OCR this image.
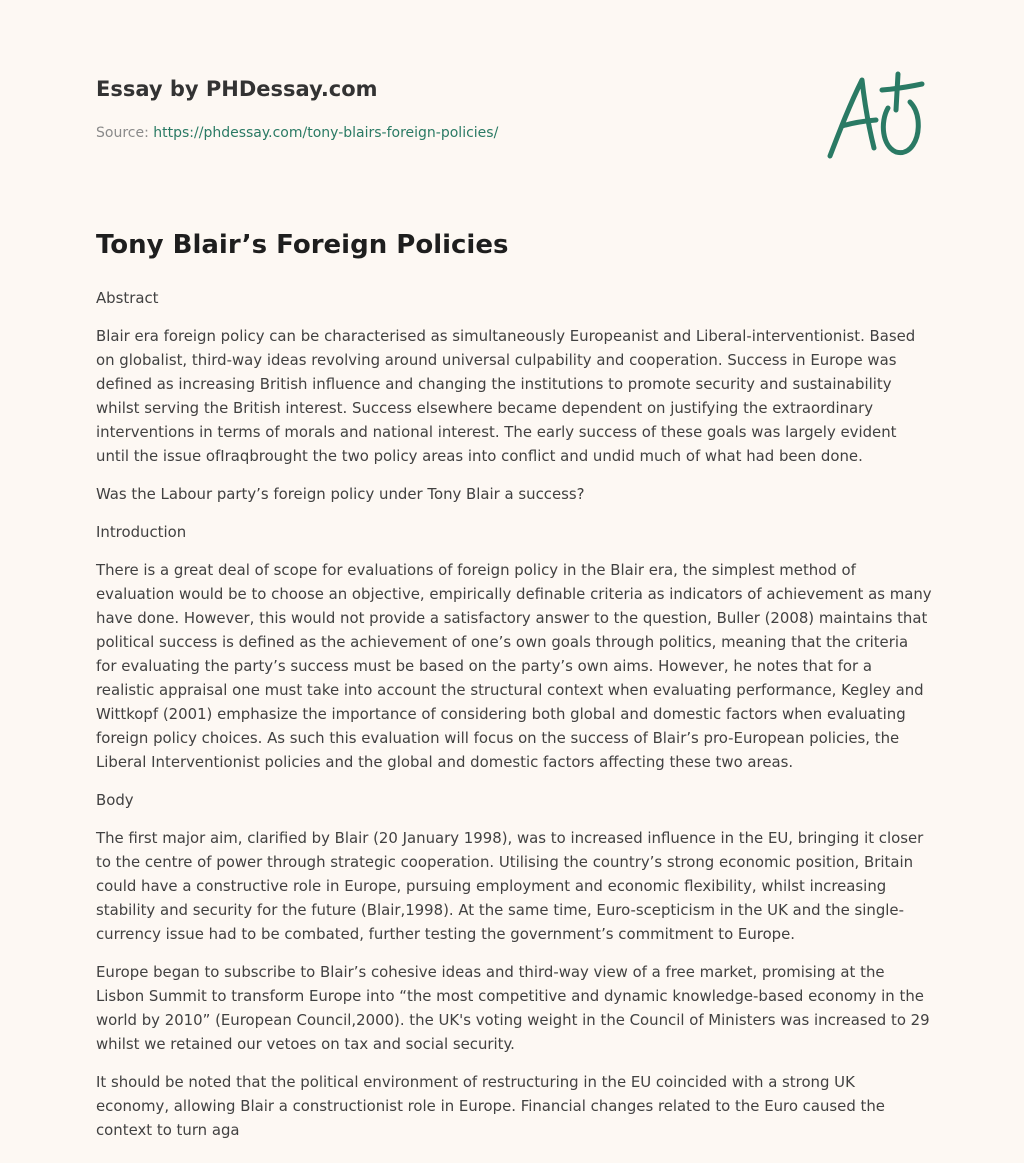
Essay by PHDessay.com
Source: https://phdessay.com/tony-blairs-foreign-policies/
Tony Blair’s Foreign Policies

Abstract

Blair era foreign policy can be characterised as simultaneously Europeanist and Liberal-interventionist. Based on globalist, third-way ideas revolving around universal culpability and cooperation. Success in Europe was defined as increasing British influence and changing the institutions to promote security and sustainability whilst serving the British interest. Success elsewhere became dependent on justifying the extraordinary interventions in terms of morals and national interest. The early success of these goals was largely evident until the issue ofIraqbrought the two policy areas into conflict and undid much of what had been done.

Was the Labour party’s foreign policy under Tony Blair a success?

Introduction

There is a great deal of scope for evaluations of foreign policy in the Blair era, the simplest method of evaluation would be to choose an objective, empirically definable criteria as indicators of achievement as many have done. However, this would not provide a satisfactory answer to the question, Buller (2008) maintains that political success is defined as the achievement of one’s own goals through politics, meaning that the criteria for evaluating the party’s success must be based on the party’s own aims. However, he notes that for a realistic appraisal one must take into account the structural context when evaluating performance, Kegley and Wittkopf (2001) emphasize the importance of considering both global and domestic factors when evaluating foreign policy choices. As such this evaluation will focus on the success of Blair’s pro-European policies, the Liberal Interventionist policies and the global and domestic factors affecting these two areas.

Body

The first major aim, clarified by Blair (20 January 1998), was to increased influence in the EU, bringing it closer to the centre of power through strategic cooperation. Utilising the country’s strong economic position, Britain could have a constructive role in Europe, pursuing employment and economic flexibility, whilst increasing stability and security for the future (Blair,1998). At the same time, Euro-scepticism in the UK and the single-currency issue had to be combated, further testing the government’s commitment to Europe.

Europe began to subscribe to Blair’s cohesive ideas and third-way view of a free market, promising at the Lisbon Summit to transform Europe into “the most competitive and dynamic knowledge-based economy in the world by 2010” (European Council,2000). the UK's voting weight in the Council of Ministers was increased to 29 whilst we retained our vetoes on tax and social security.

It should be noted that the political environment of restructuring in the EU coincided with a strong UK economy, allowing Blair a constructionist role in Europe. Financial changes related to the Euro caused the context to turn aga
